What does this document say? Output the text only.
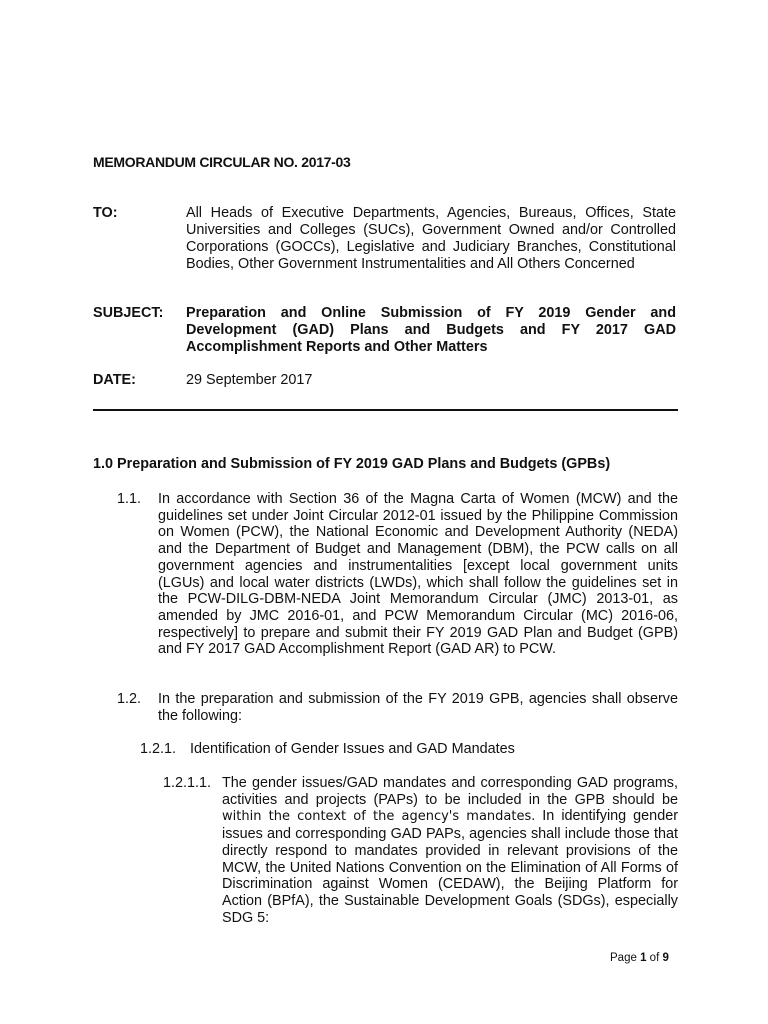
MEMORANDUM CIRCULAR NO. 2017-03
TO:	All Heads of Executive Departments, Agencies, Bureaus, Offices, State Universities and Colleges (SUCs), Government Owned and/or Controlled Corporations (GOCCs), Legislative and Judiciary Branches, Constitutional Bodies, Other Government Instrumentalities and All Others Concerned
SUBJECT: Preparation and Online Submission of FY 2019 Gender and Development (GAD) Plans and Budgets and FY 2017 GAD Accomplishment Reports and Other Matters
DATE:	29 September 2017
1.0 Preparation and Submission of FY 2019 GAD Plans and Budgets (GPBs)
1.1. In accordance with Section 36 of the Magna Carta of Women (MCW) and the guidelines set under Joint Circular 2012-01 issued by the Philippine Commission on Women (PCW), the National Economic and Development Authority (NEDA) and the Department of Budget and Management (DBM), the PCW calls on all government agencies and instrumentalities [except local government units (LGUs) and local water districts (LWDs), which shall follow the guidelines set in the PCW-DILG-DBM-NEDA Joint Memorandum Circular (JMC) 2013-01, as amended by JMC 2016-01, and PCW Memorandum Circular (MC) 2016-06, respectively] to prepare and submit their FY 2019 GAD Plan and Budget (GPB) and FY 2017 GAD Accomplishment Report (GAD AR) to PCW.
1.2. In the preparation and submission of the FY 2019 GPB, agencies shall observe the following:
1.2.1. Identification of Gender Issues and GAD Mandates
1.2.1.1. The gender issues/GAD mandates and corresponding GAD programs, activities and projects (PAPs) to be included in the GPB should be within the context of the agency's mandates. In identifying gender issues and corresponding GAD PAPs, agencies shall include those that directly respond to mandates provided in relevant provisions of the MCW, the United Nations Convention on the Elimination of All Forms of Discrimination against Women (CEDAW), the Beijing Platform for Action (BPfA), the Sustainable Development Goals (SDGs), especially SDG 5:
Page 1 of 9
